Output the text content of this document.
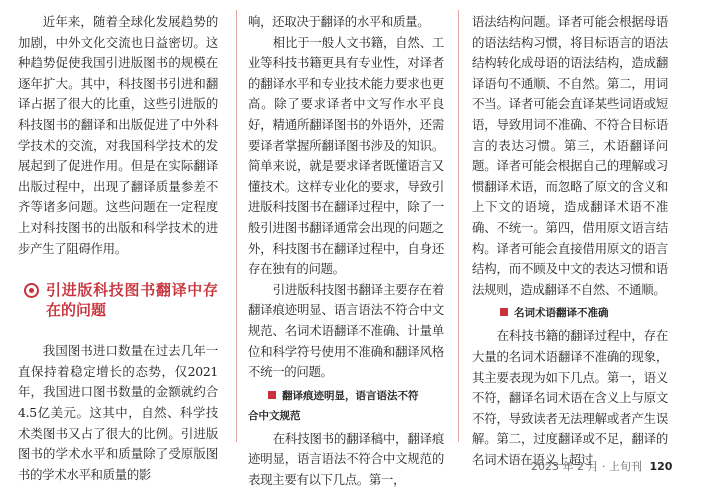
近年来，随着全球化发展趋势的加剧，中外文化交流也日益密切。这种趋势促使我国引进版图书的规模在逐年扩大。其中，科技图书引进和翻译占据了很大的比重，这些引进版的科技图书的翻译和出版促进了中外科学技术的交流，对我国科学技术的发展起到了促进作用。但是在实际翻译出版过程中，出现了翻译质量参差不齐等诸多问题。这些问题在一定程度上对科技图书的出版和科学技术的进步产生了阻碍作用。

引进版科技图书翻译中存在的问题

我国图书进口数量在过去几年一直保持着稳定增长的态势，仅2021年，我国进口图书数量的金额就约合4.5亿美元。这其中，自然、科学技术类图书又占了很大的比例。引进版图书的学术水平和质量除了受原版图书的学术水平和质量的影

响，还取决于翻译的水平和质量。

相比于一般人文书籍，自然、工业等科技书籍更具有专业性，对译者的翻译水平和专业技术能力要求也更高。除了要求译者中文写作水平良好，精通所翻译图书的外语外，还需要译者掌握所翻译图书涉及的知识。简单来说，就是要求译者既懂语言又懂技术。这样专业化的要求，导致引进版科技图书在翻译过程中，除了一般引进图书翻译通常会出现的问题之外，科技图书在翻译过程中，自身还存在独有的问题。

引进版科技图书翻译主要存在着翻译痕迹明显、语言语法不符合中文规范、名词术语翻译不准确、计量单位和科学符号使用不准确和翻译风格不统一的问题。

翻译痕迹明显，语言语法不符
合中文规范

在科技图书的翻译稿中，翻译痕迹明显，语言语法不符合中文规范的表现主要有以下几点。第一，

语法结构问题。译者可能会根据母语的语法结构习惯，将目标语言的语法结构转化成母语的语法结构，造成翻译语句不通顺、不自然。第二，用词不当。译者可能会直译某些词语或短语，导致用词不准确、不符合目标语言的表达习惯。第三，术语翻译问题。译者可能会根据自己的理解或习惯翻译术语，而忽略了原文的含义和上下文的语境，造成翻译术语不准确、不统一。第四，借用原文语言结构。译者可能会直接借用原文的语言结构，而不顾及中文的表达习惯和语法规则，造成翻译不自然、不通顺。

名词术语翻译不准确

在科技书籍的翻译过程中，存在大量的名词术语翻译不准确的现象，其主要表现为如下几点。第一，语义不符，翻译名词术语在含义上与原文不符，导致读者无法理解或者产生误解。第二，过度翻译或不足，翻译的名词术语在语义上超过

2023 年 2 月 · 上旬刊 120
